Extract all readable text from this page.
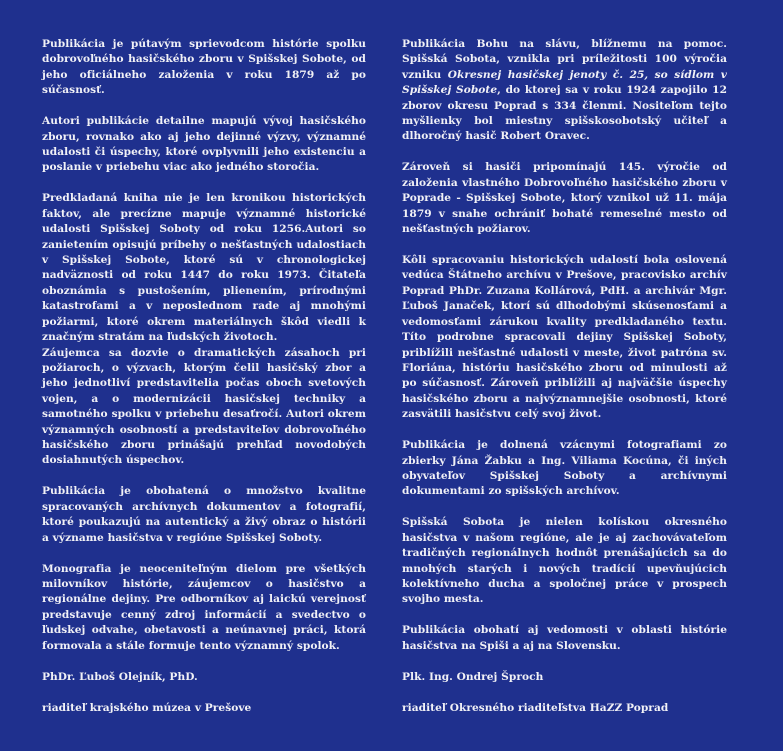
Publikácia je pútavým sprievodcom histórie spolku dobrovoľného hasičského zboru v Spišskej Sobote, od jeho oficiálneho založenia v roku 1879 až po súčasnosť.

Autori publikácie detailne mapujú vývoj hasičského zboru, rovnako ako aj jeho dejinné výzvy, významné udalosti či úspechy, ktoré ovplyvnili jeho existenciu a poslanie v priebehu viac ako jedného storočia.

Predkladaná kniha nie je len kronikou historických faktov, ale precízne mapuje významné historické udalosti Spišskej Soboty od roku 1256.Autori so zanietením opisujú príbehy o nešťastných udalostiach v Spišskej Sobote, ktoré sú v chronologickej nadväznosti od roku 1447 do roku 1973. Čitateľa oboznámia s pustošením, plienením, prírodnými katastrofami a v neposlednom rade aj mnohými požiarmi, ktoré okrem materiálnych škôd viedli k značným stratám na ľudských životoch.

Záujemca sa dozvie o dramatických zásahoch pri požiaroch, o výzvach, ktorým čelil hasičský zbor a jeho jednotliví predstavitelia počas oboch svetových vojen, a o modernizácii hasičskej techniky a samotného spolku v priebehu desaťročí. Autori okrem významných osobností a predstaviteľov dobrovoľného hasičského zboru prinášajú prehľad novodobých dosiahnutých úspechov.

Publikácia je obohatená o množstvo kvalitne spracovaných archívnych dokumentov a fotografií, ktoré poukazujú na autentický a živý obraz o histórii a význame hasičstva v regióne Spišskej Soboty.

Monografia je neoceniteľným dielom pre všetkých milovníkov histórie, záujemcov o hasičstvo a regionálne dejiny. Pre odborníkov aj laickú verejnosť predstavuje cenný zdroj informácií a svedectvo o ľudskej odvahe, obetavosti a neúnavnej práci, ktorá formovala a stále formuje tento významný spolok.

PhDr. Ľuboš Olejník, PhD.

riaditeľ krajského múzea v Prešove

Publikácia Bohu na slávu, blížnemu na pomoc. Spišská Sobota, vznikla pri príležitosti 100 výročia vzniku Okresnej hasičskej jenoty č. 25, so sídlom v Spišskej Sobote, do ktorej sa v roku 1924 zapojilo 12 zborov okresu Poprad s 334 členmi. Nositeľom tejto myšlienky bol miestny spišskosobotský učiteľ a dlhoročný hasič Robert Oravec.

Zároveň si hasiči pripomínajú 145. výročie od založenia vlastného Dobrovoľného hasičského zboru v Poprade - Spišskej Sobote, ktorý vznikol už 11. mája 1879 v snahe ochrániť bohaté remeselné mesto od nešťastných požiarov.

Kôli spracovaniu historických udalostí bola oslovená vedúca Štátneho archívu v Prešove, pracovisko archív Poprad PhDr. Zuzana Kollárová, PdH. a archivár Mgr. Ľuboš Janaček, ktorí sú dlhodobými skúsenosťami a vedomosťami zárukou kvality predkladaného textu. Títo podrobne spracovali dejiny Spišskej Soboty, priblížili nešťastné udalosti v meste, život patróna sv. Floriána, históriu hasičského zboru od minulosti až po súčasnosť. Zároveň priblížili aj najväčšie úspechy hasičského zboru a najvýznamnejšie osobnosti, ktoré zasvätili hasičstvu celý svoj život.

Publikácia je dolnená vzácnymi fotografiami zo zbierky Jána Žabku a Ing. Viliama Kocúna, či iných obyvateľov Spišskej Soboty a archívnymi dokumentami zo spišských archívov.

Spišská Sobota je nielen kolískou okresného hasičstva v našom regióne, ale je aj zachovávateľom tradičných regionálnych hodnôt prenášajúcich sa do mnohých starých i nových tradícií upevňujúcich kolektívneho ducha a spoločnej práce v prospech svojho mesta.

Publikácia obohatí aj vedomosti v oblasti histórie hasičstva na Spiši a aj na Slovensku.

Plk. Ing. Ondrej Šproch

riaditeľ Okresného riaditeľstva HaZZ Poprad
